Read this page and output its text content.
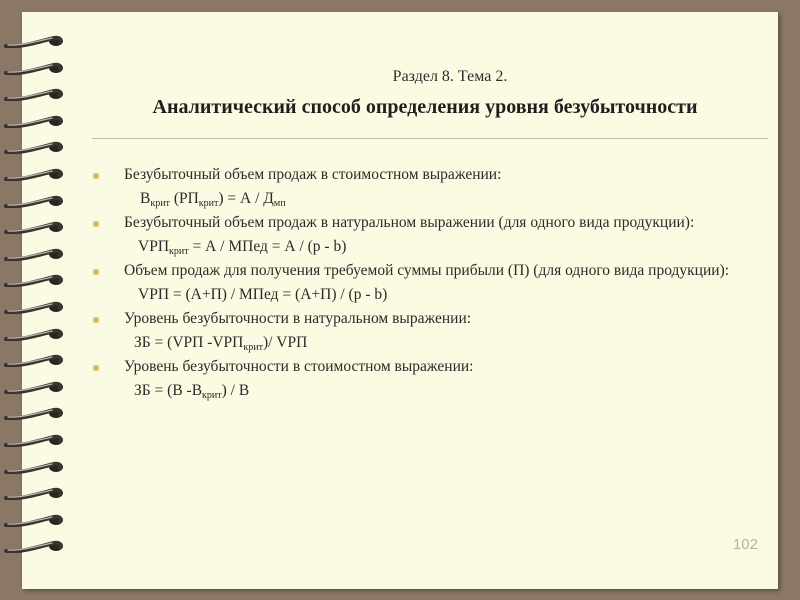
Раздел 8. Тема 2.
Аналитический способ определения уровня безубыточности
Безубыточный объем продаж в стоимостном выражении:
$В_{крит}$ $(РП_{крит}) = А / Д_{мп}$
Безубыточный объем продаж в натуральном выражении (для одного вида продукции):
$VРП_{крит} = А$ / МПед = А / (p - b)
Объем продаж для получения требуемой суммы прибыли (П) (для одного вида продукции):
VРП = (А+П) / МПед = (А+П) / (p - b)
Уровень безубыточности в натуральном выражении:
ЗБ = (VРП $-VРП_{крит})/$ VРП
Уровень безубыточности в стоимостном выражении:
ЗБ = (В $-В_{крит}$) / В
102
